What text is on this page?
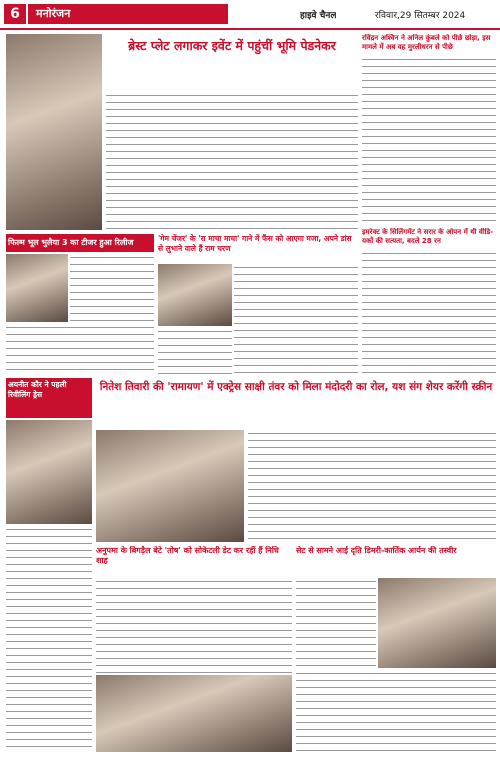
6	मनोरंजन	हाइवे चैनल	रविवार,29 सितम्बर 2024
ब्रेस्ट प्लेट लगाकर इवेंट में पहुंचीं भूमि पेडनेकर	रविंद्रन अश्विन ने अनिल कुंबले को पीछे छोड़ा, इस मामले में अब वह मुरलीधरन से पीछे
इमरेक्ट के सिलिंगमेंट ने सरार के ओपन में थी वीडि-यकों की सत्यता, बदले 28 रन
फिल्म भूल भुलैया 3 का टीजर हुआ रिलीज	'गेम चेंजर' के 'रा माचा माचा' गाने में फैंस को आएगा मजा, अपने डांस से लुभाने वाले हैं राम चरण
अयनीत कौर ने पहली रिवीलिंग ड्रेस
नितेश तिवारी की 'रामायण' में एक्ट्रेस साक्षी तंवर को मिला मंदोदरी का रोल, यश संग शेयर करेंगी स्क्रीन
अनुपमा के बिगड़ैल बेटे 'तोष' को सोकेटली डेट कर रहीं हैं निधि शाह
सेट से सामने आई दृति डिमरी-कार्तिक आर्यन की तस्वीर
